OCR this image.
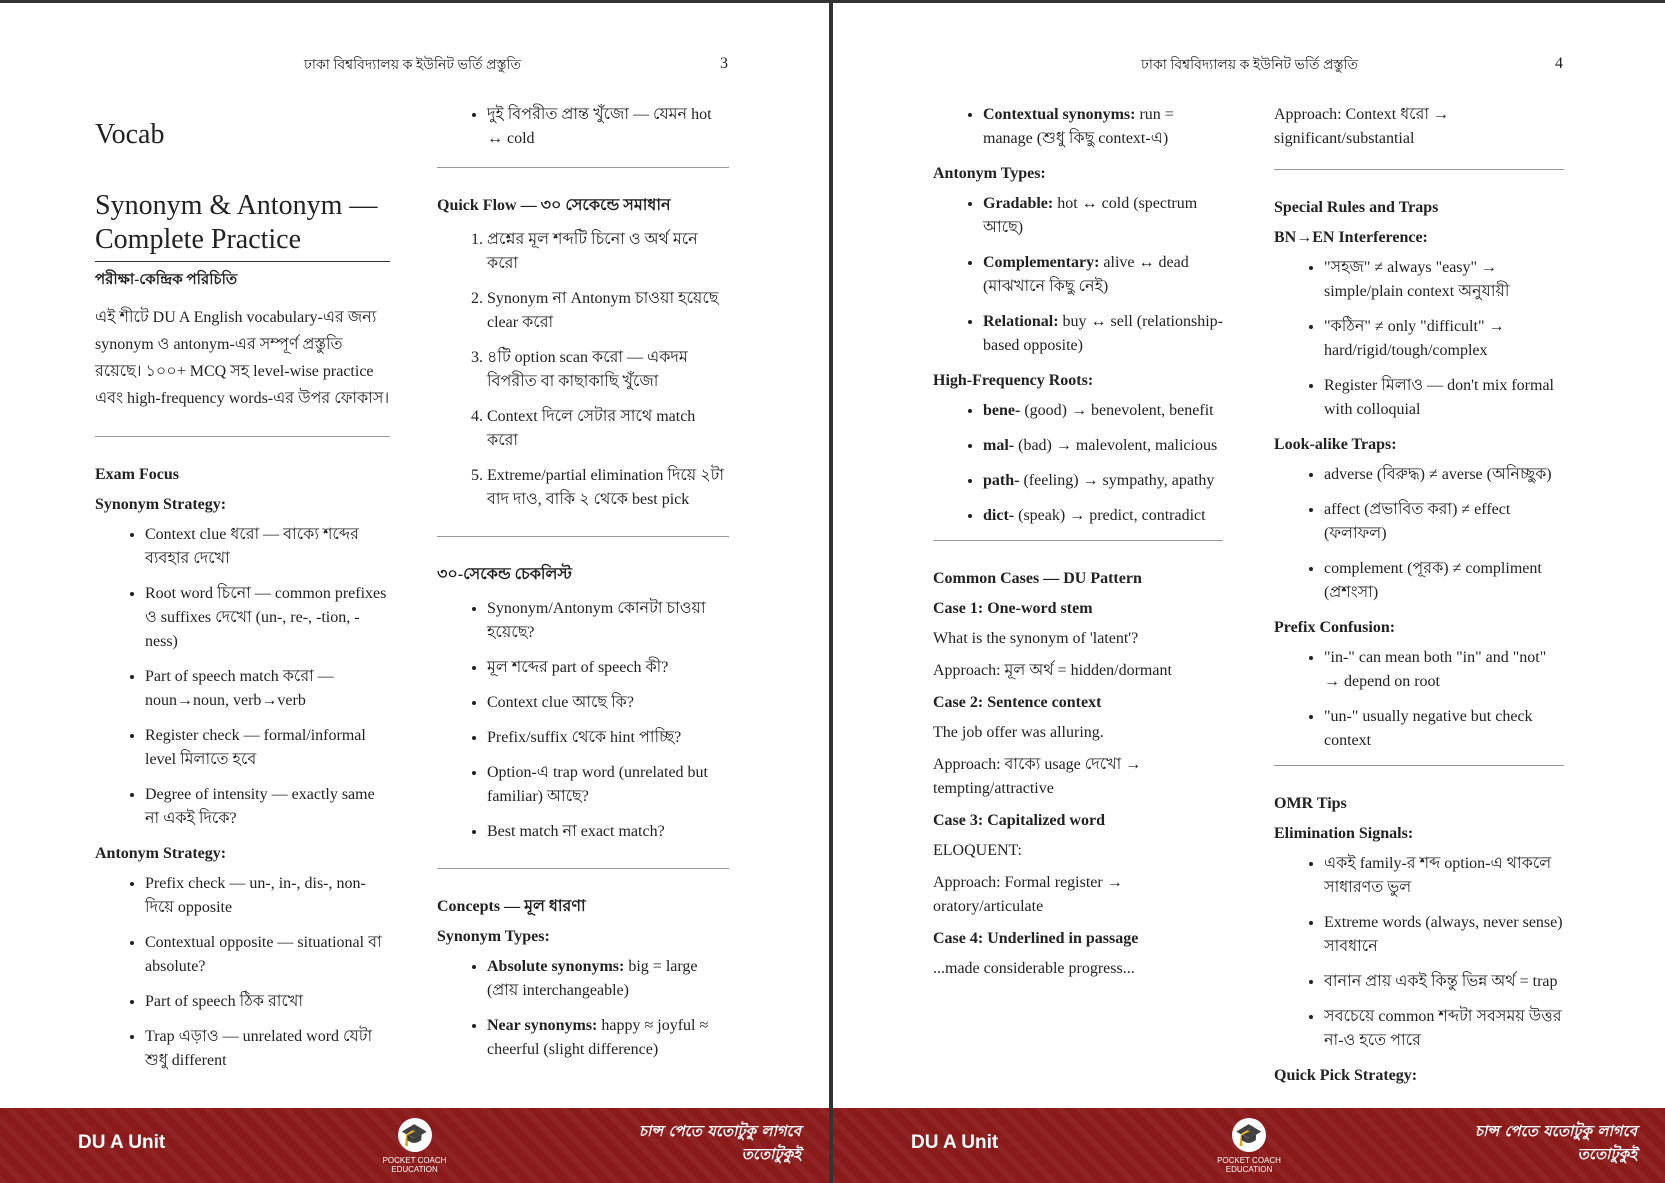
ঢাকা বিশ্ববিদ্যালয় ক ইউনিট ভর্তি প্রস্তুতি	3
Vocab
Synonym & Antonym — Complete Practice
পরীক্ষা-কেন্দ্রিক পরিচিতি
এই শীটে DU A English vocabulary-এর জন্য synonym ও antonym-এর সম্পূর্ণ প্রস্তুতি রয়েছে। ১০০+ MCQ সহ level-wise practice এবং high-frequency words-এর উপর ফোকাস।
Exam Focus
Synonym Strategy:
• Context clue ধরো — বাক্যে শব্দের ব্যবহার দেখো
• Root word চিনো — common prefixes ও suffixes দেখো (un-, re-, -tion, -ness)
• Part of speech match করো — noun→noun, verb→verb
• Register check — formal/informal level মিলাতে হবে
• Degree of intensity — exactly same না একই দিকে?
Antonym Strategy:
• Prefix check — un-, in-, dis-, non- দিয়ে opposite
• Contextual opposite — situational বা absolute?
• Part of speech ঠিক রাখো
• Trap এড়াও — unrelated word যেটা শুধু different
• দুই বিপরীত প্রান্ত খুঁজো — যেমন hot ↔ cold
Quick Flow — ৩০ সেকেন্ডে সমাধান
1. প্রশ্নের মূল শব্দটি চিনো ও অর্থ মনে করো
2. Synonym না Antonym চাওয়া হয়েছে clear করো
3. ৪টি option scan করো — একদম বিপরীত বা কাছাকাছি খুঁজো
4. Context দিলে সেটার সাথে match করো
5. Extreme/partial elimination দিয়ে ২টা বাদ দাও, বাকি ২ থেকে best pick
৩০-সেকেন্ড চেকলিস্ট
• Synonym/Antonym কোনটা চাওয়া হয়েছে?
• মূল শব্দের part of speech কী?
• Context clue আছে কি?
• Prefix/suffix থেকে hint পাচ্ছি?
• Option-এ trap word (unrelated but familiar) আছে?
• Best match না exact match?
Concepts — মূল ধারণা
Synonym Types:
• Absolute synonyms: big = large (প্রায় interchangeable)
• Near synonyms: happy ≈ joyful ≈ cheerful (slight difference)
DU A Unit	🎓
POCKET COACH
EDUCATION
চান্স পেতে যতোটুকু লাগবে
ততোটুকুই
ঢাকা বিশ্ববিদ্যালয় ক ইউনিট ভর্তি প্রস্তুতি	4
• Contextual synonyms: run = manage (শুধু কিছু context-এ)
Antonym Types:
• Gradable: hot ↔ cold (spectrum আছে)
• Complementary: alive ↔ dead (মাঝখানে কিছু নেই)
• Relational: buy ↔ sell (relationship-based opposite)
High-Frequency Roots:
• bene- (good) → benevolent, benefit
• mal- (bad) → malevolent, malicious
• path- (feeling) → sympathy, apathy
• dict- (speak) → predict, contradict
Common Cases — DU Pattern
Case 1: One-word stem

What is the synonym of 'latent'?

Approach: মূল অর্থ = hidden/dormant

Case 2: Sentence context

The job offer was alluring.

Approach: বাক্যে usage দেখো → tempting/attractive

Case 3: Capitalized word

ELOQUENT:

Approach: Formal register → oratory/articulate

Case 4: Underlined in passage

...made considerable progress...

Approach: Context ধরো → significant/substantial

Special Rules and Traps
BN→EN Interference:
• "সহজ" ≠ always "easy" → simple/plain context অনুযায়ী
• "কঠিন" ≠ only "difficult" → hard/rigid/tough/complex
• Register মিলাও — don't mix formal with colloquial
Look-alike Traps:
• adverse (বিরুদ্ধ) ≠ averse (অনিচ্ছুক)
• affect (প্রভাবিত করা) ≠ effect (ফলাফল)
• complement (পূরক) ≠ compliment (প্রশংসা)
Prefix Confusion:
• "in-" can mean both "in" and "not" → depend on root
• "un-" usually negative but check context
OMR Tips
Elimination Signals:
• একই family-র শব্দ option-এ থাকলে সাধারণত ভুল
• Extreme words (always, never sense) সাবধানে
• বানান প্রায় একই কিন্তু ভিন্ন অর্থ = trap
• সবচেয়ে common শব্দটা সবসময় উত্তর না-ও হতে পারে
Quick Pick Strategy:
DU A Unit	🎓
POCKET COACH
EDUCATION
চান্স পেতে যতোটুকু লাগবে
ততোটুকুই
